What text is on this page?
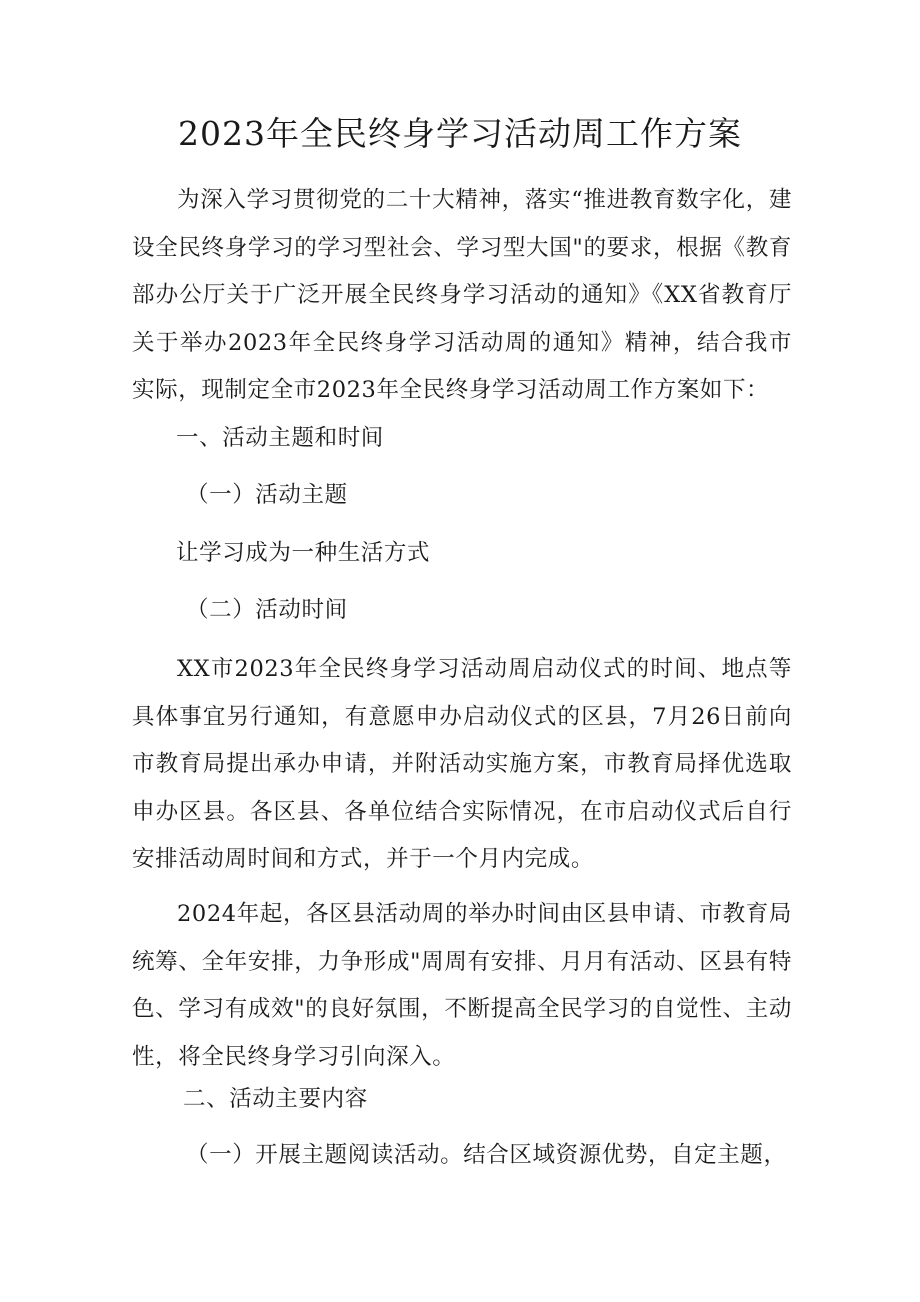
2023年全民终身学习活动周工作方案

为深入学习贯彻党的二十大精神，落实“推进教育数字化，建设全民终身学习的学习型社会、学习型大国"的要求，根据《教育部办公厅关于广泛开展全民终身学习活动的通知》《XX省教育厅关于举办2023年全民终身学习活动周的通知》精神，结合我市实际，现制定全市2023年全民终身学习活动周工作方案如下：

一、活动主题和时间

（一）活动主题

让学习成为一种生活方式

（二）活动时间

XX市2023年全民终身学习活动周启动仪式的时间、地点等具体事宜另行通知，有意愿申办启动仪式的区县，7月26日前向市教育局提出承办申请，并附活动实施方案，市教育局择优选取申办区县。各区县、各单位结合实际情况，在市启动仪式后自行安排活动周时间和方式，并于一个月内完成。

2024年起，各区县活动周的举办时间由区县申请、市教育局统筹、全年安排，力争形成"周周有安排、月月有活动、区县有特色、学习有成效"的良好氛围，不断提高全民学习的自觉性、主动性，将全民终身学习引向深入。

二、活动主要内容

（一）开展主题阅读活动。结合区域资源优势，自定主题，
